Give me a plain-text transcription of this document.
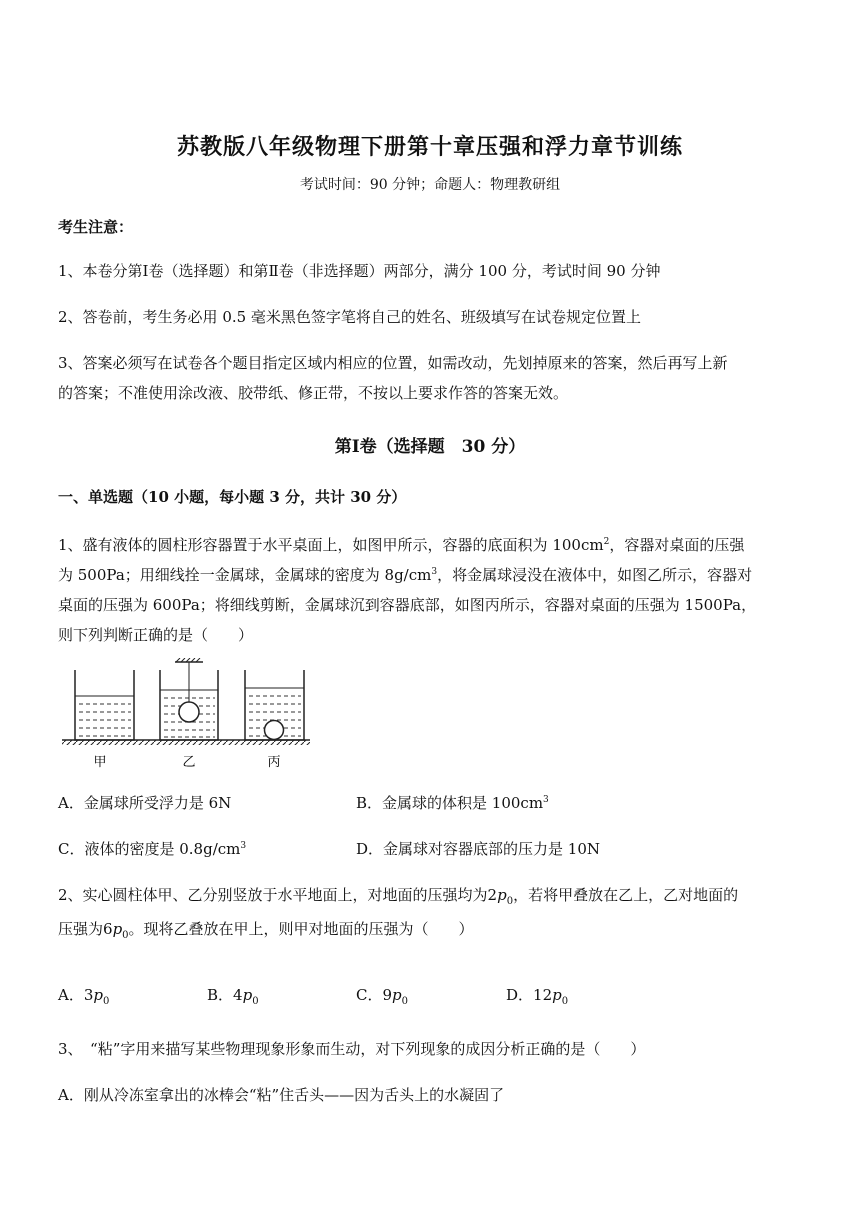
苏教版八年级物理下册第十章压强和浮力章节训练
考试时间：90 分钟；命题人：物理教研组
考生注意：
1、本卷分第Ⅰ卷（选择题）和第Ⅱ卷（非选择题）两部分，满分 100 分，考试时间 90 分钟
2、答卷前，考生务必用 0.5 毫米黑色签字笔将自己的姓名、班级填写在试卷规定位置上
3、答案必须写在试卷各个题目指定区域内相应的位置，如需改动，先划掉原来的答案，然后再写上新
的答案；不准使用涂改液、胶带纸、修正带，不按以上要求作答的答案无效。
第Ⅰ卷（选择题　30 分）
一、单选题（10 小题，每小题 3 分，共计 30 分）
1、盛有液体的圆柱形容器置于水平桌面上，如图甲所示，容器的底面积为 $100cm^2$，容器对桌面的压强
为 500Pa；用细线拴一金属球，金属球的密度为 $8g/cm^3$，将金属球浸没在液体中，如图乙所示，容器对
桌面的压强为 600Pa；将细线剪断，金属球沉到容器底部，如图丙所示，容器对桌面的压强为 1500Pa，
则下列判断正确的是（　　）
甲	乙	丙
A．金属球所受浮力是 6N	B．金属球的体积是 $100cm^3$
C．液体的密度是 $0.8g/cm^3$	D．金属球对容器底部的压力是 10N
2、实心圆柱体甲、乙分别竖放于水平地面上，对地面的压强均为$2p_0$，若将甲叠放在乙上，乙对地面的
压强为$6p_0$。现将乙叠放在甲上，则甲对地面的压强为（　　）
A．$3p_0$	B．$4p_0$	C．$9p_0$	D．$12p_0$
3、　“粘”字用来描写某些物理现象形象而生动，对下列现象的成因分析正确的是（　　）
A．刚从冷冻室拿出的冰棒会“粘”住舌头——因为舌头上的水凝固了
